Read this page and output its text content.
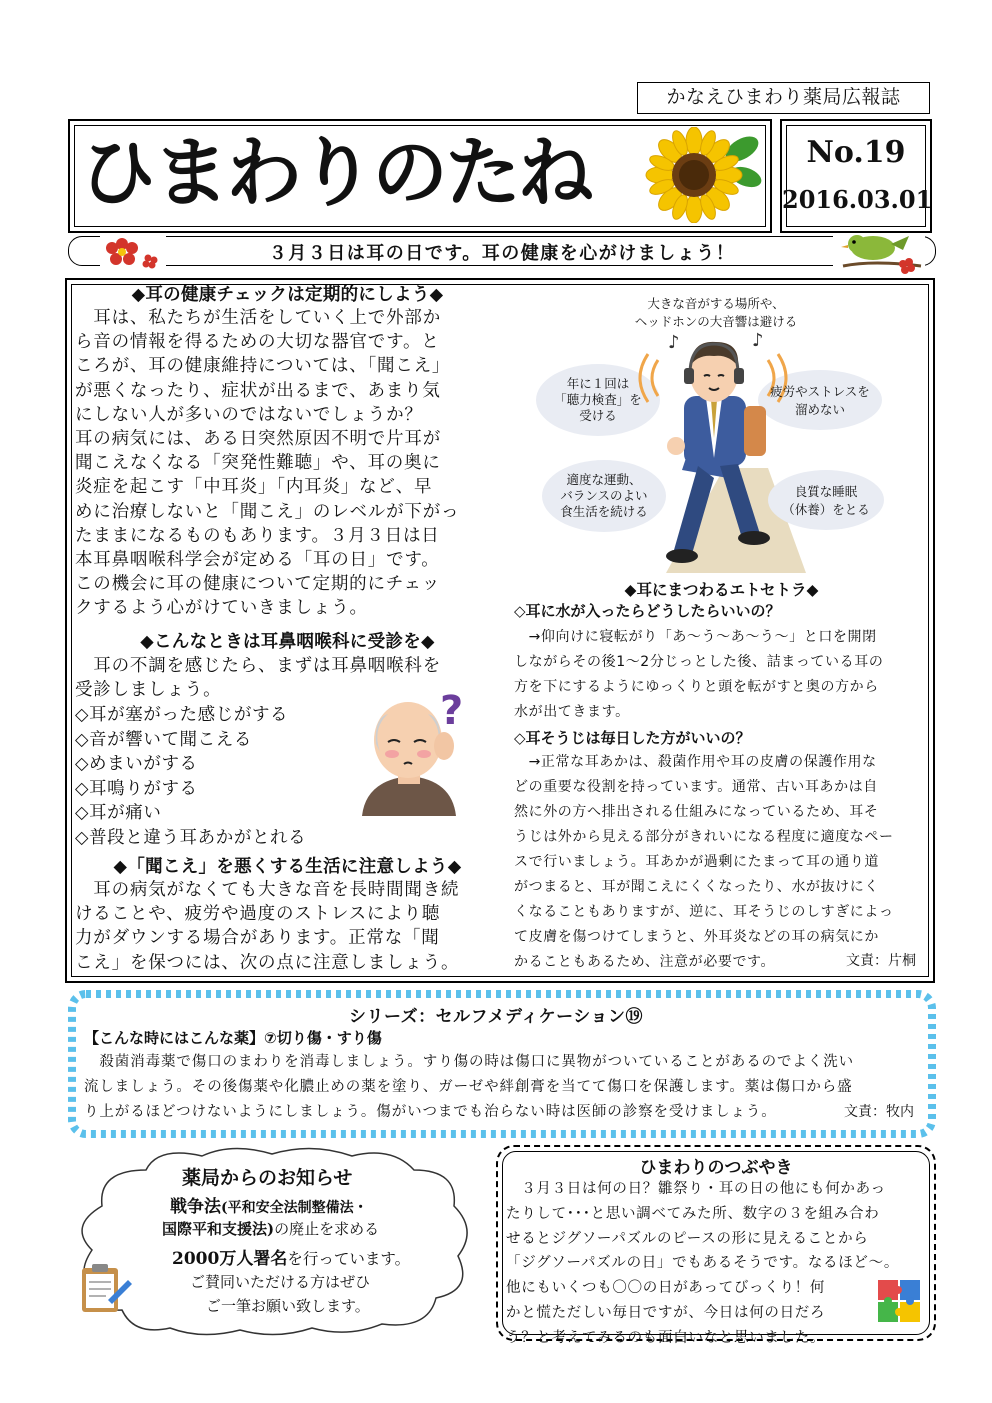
かなえひまわり薬局広報誌
ひまわりのたね	No.19
2016.03.01
３月３日は耳の日です。耳の健康を心がけましょう！
◆耳の健康チェックは定期的にしよう◆
　耳は、私たちが生活をしていく上で外部か
ら音の情報を得るための大切な器官です。と
ころが、耳の健康維持については、「聞こえ」
が悪くなったり、症状が出るまで、あまり気
にしない人が多いのではないでしょうか？
耳の病気には、ある日突然原因不明で片耳が
聞こえなくなる「突発性難聴」や、耳の奥に
炎症を起こす「中耳炎」「内耳炎」など、早
めに治療しないと「聞こえ」のレベルが下がっ
たままになるものもあります。３月３日は日
本耳鼻咽喉科学会が定める「耳の日」です。
この機会に耳の健康について定期的にチェッ
クするよう心がけていきましょう。
◆こんなときは耳鼻咽喉科に受診を◆
　耳の不調を感じたら、まずは耳鼻咽喉科を
受診しましょう。
◇耳が塞がった感じがする
◇音が響いて聞こえる
◇めまいがする
◇耳鳴りがする
◇耳が痛い
◇普段と違う耳あかがとれる
?
◆「聞こえ」を悪くする生活に注意しよう◆
　耳の病気がなくても大きな音を長時間聞き続
けることや、疲労や過度のストレスにより聴
力がダウンする場合があります。正常な「聞
こえ」を保つには、次の点に注意しましょう。
♪	♪
大きな音がする場所や、
ヘッドホンの大音響は避ける
年に１回は
「聴力検査」を
受ける
疲労やストレスを
溜めない
適度な運動、
バランスのよい
食生活を続ける
良質な睡眠
（休養）をとる
◆耳にまつわるエトセトラ◆
◇耳に水が入ったらどうしたらいいの？
　→仰向けに寝転がり「あ～う～あ～う～」と口を開閉
しながらその後1～2分じっとした後、詰まっている耳の
方を下にするようにゆっくりと頭を転がすと奥の方から
水が出てきます。
◇耳そうじは毎日した方がいいの？
　→正常な耳あかは、殺菌作用や耳の皮膚の保護作用な
どの重要な役割を持っています。通常、古い耳あかは自
然に外の方へ排出される仕組みになっているため、耳そ
うじは外から見える部分がきれいになる程度に適度なペー
スで行いましょう。耳あかが過剰にたまって耳の通り道
がつまると、耳が聞こえにくくなったり、水が抜けにく
くなることもありますが、逆に、耳そうじのしすぎによっ
て皮膚を傷つけてしまうと、外耳炎などの耳の病気にか
かることもあるため、注意が必要です。	文責：片桐
シリーズ：セルフメディケーション⑲
【こんな時にはこんな薬】⑦切り傷・すり傷
　殺菌消毒薬で傷口のまわりを消毒しましょう。すり傷の時は傷口に異物がついていることがあるのでよく洗い
流しましょう。その後傷薬や化膿止めの薬を塗り、ガーゼや絆創膏を当てて傷口を保護します。薬は傷口から盛
り上がるほどつけないようにしましょう。傷がいつまでも治らない時は医師の診察を受けましょう。	文責：牧内
薬局からのお知らせ
戦争法(平和安全法制整備法・
国際平和支援法)の廃止を求める
2000万人署名を行っています。
ご賛同いただける方はぜひ
ご一筆お願い致します。
ひまわりのつぶやき
　３月３日は何の日？雛祭り・耳の日の他にも何かあっ
たりして･･･と思い調べてみた所、数字の３を組み合わ
せるとジグソーパズルのピースの形に見えることから
「ジグソーパズルの日」でもあるそうです。なるほど～。
他にもいくつも〇〇の日があってびっくり！何
かと慌ただしい毎日ですが、今日は何の日だろ
う？と考えてみるのも面白いなと思いました。
